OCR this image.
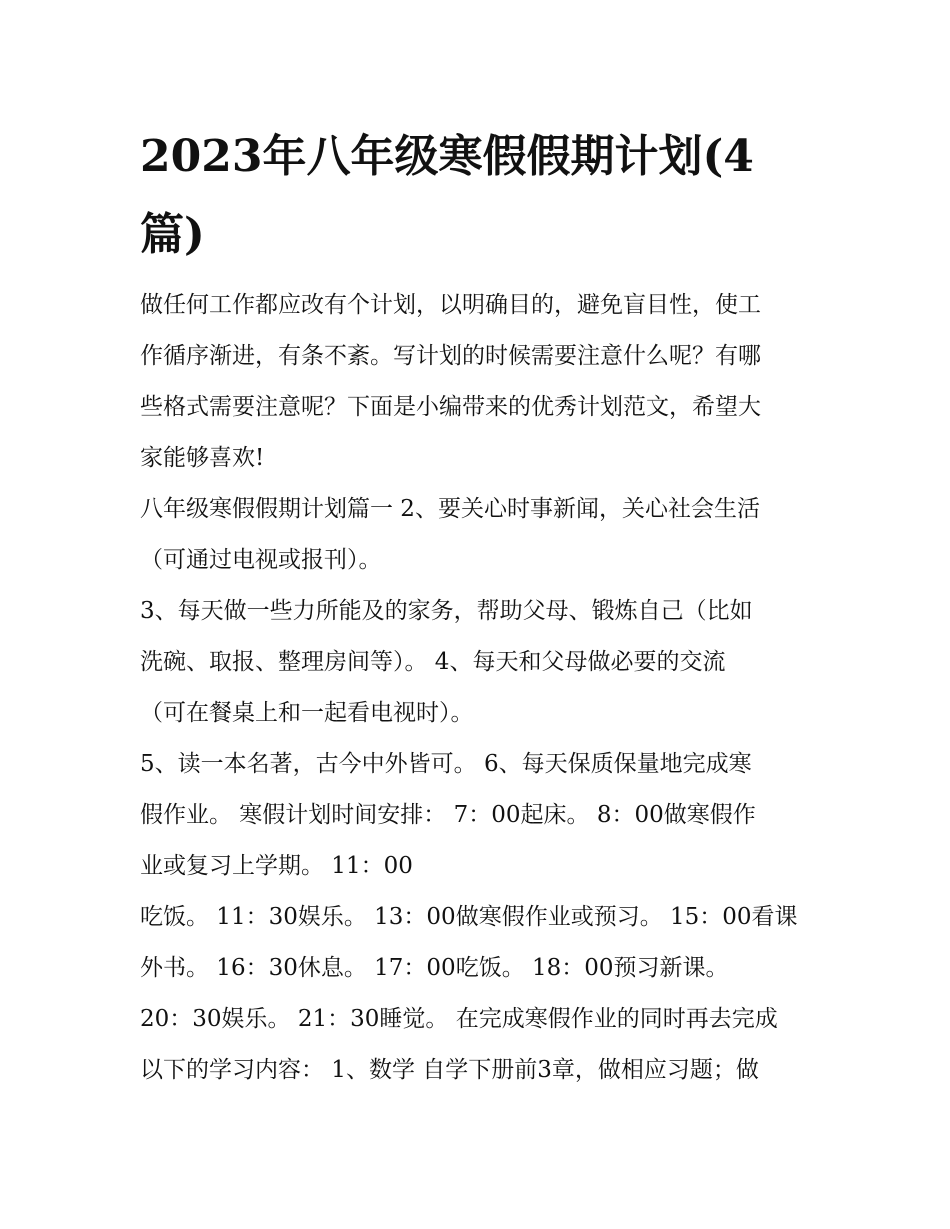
2023年八年级寒假假期计划(4
篇)

做任何工作都应改有个计划，以明确目的，避免盲目性，使工
作循序渐进，有条不紊。写计划的时候需要注意什么呢？有哪
些格式需要注意呢？下面是小编带来的优秀计划范文，希望大
家能够喜欢!

八年级寒假假期计划篇一 2、要关心时事新闻，关心社会生活
（可通过电视或报刊）。

3、每天做一些力所能及的家务，帮助父母、锻炼自己（比如
洗碗、取报、整理房间等）。 4、每天和父母做必要的交流
（可在餐桌上和一起看电视时）。

5、读一本名著，古今中外皆可。 6、每天保质保量地完成寒
假作业。 寒假计划时间安排： 7：00起床。 8：00做寒假作
业或复习上学期。 11：00

吃饭。 11：30娱乐。 13：00做寒假作业或预习。 15：00看课
外书。 16：30休息。 17：00吃饭。 18：00预习新课。

20：30娱乐。 21：30睡觉。 在完成寒假作业的同时再去完成
以下的学习内容： 1、数学 自学下册前3章，做相应习题；做
